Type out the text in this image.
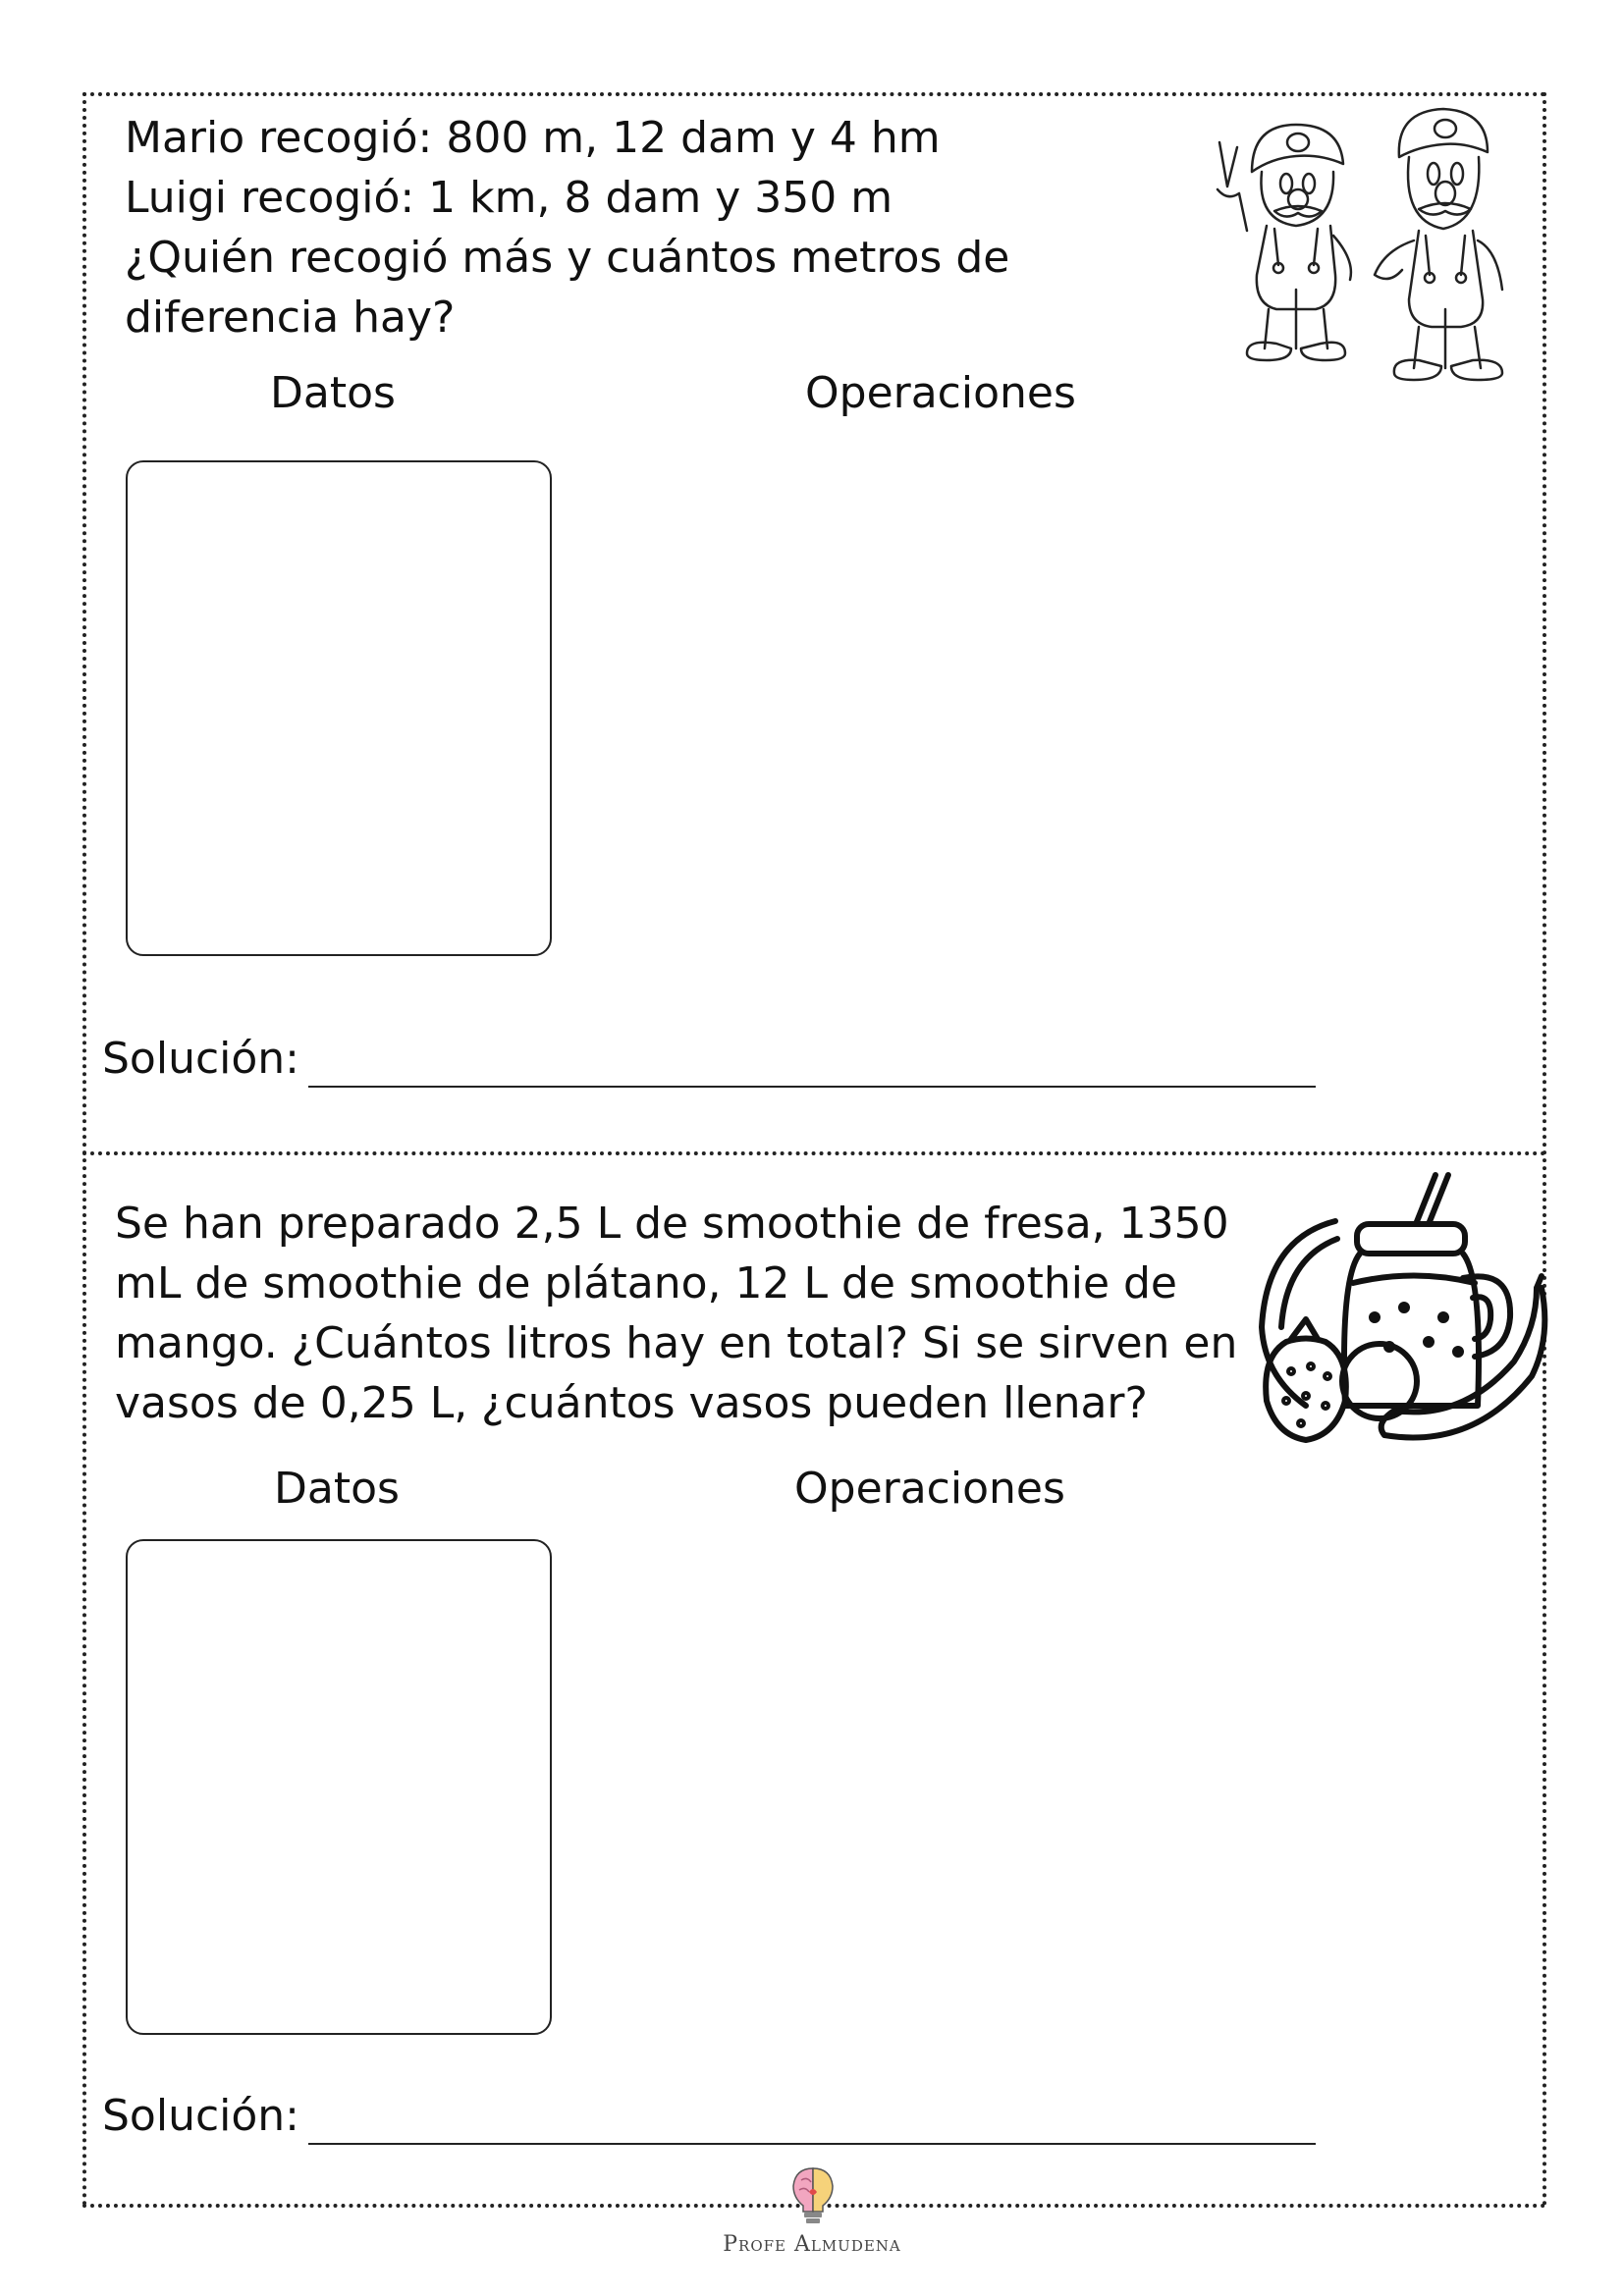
Mario recogió: 800 m, 12 dam y 4 hm
Luigi recogió: 1 km, 8 dam y 350 m
¿Quién recogió más y cuántos metros de
diferencia hay?
Datos	Operaciones
Solución:
Se han preparado 2,5 L de smoothie de fresa, 1350
mL de smoothie de plátano, 12 L de smoothie de
mango. ¿Cuántos litros hay en total? Si se sirven en
vasos de 0,25 L, ¿cuántos vasos pueden llenar?
Datos	Operaciones
Solución:
Profe Almudena
